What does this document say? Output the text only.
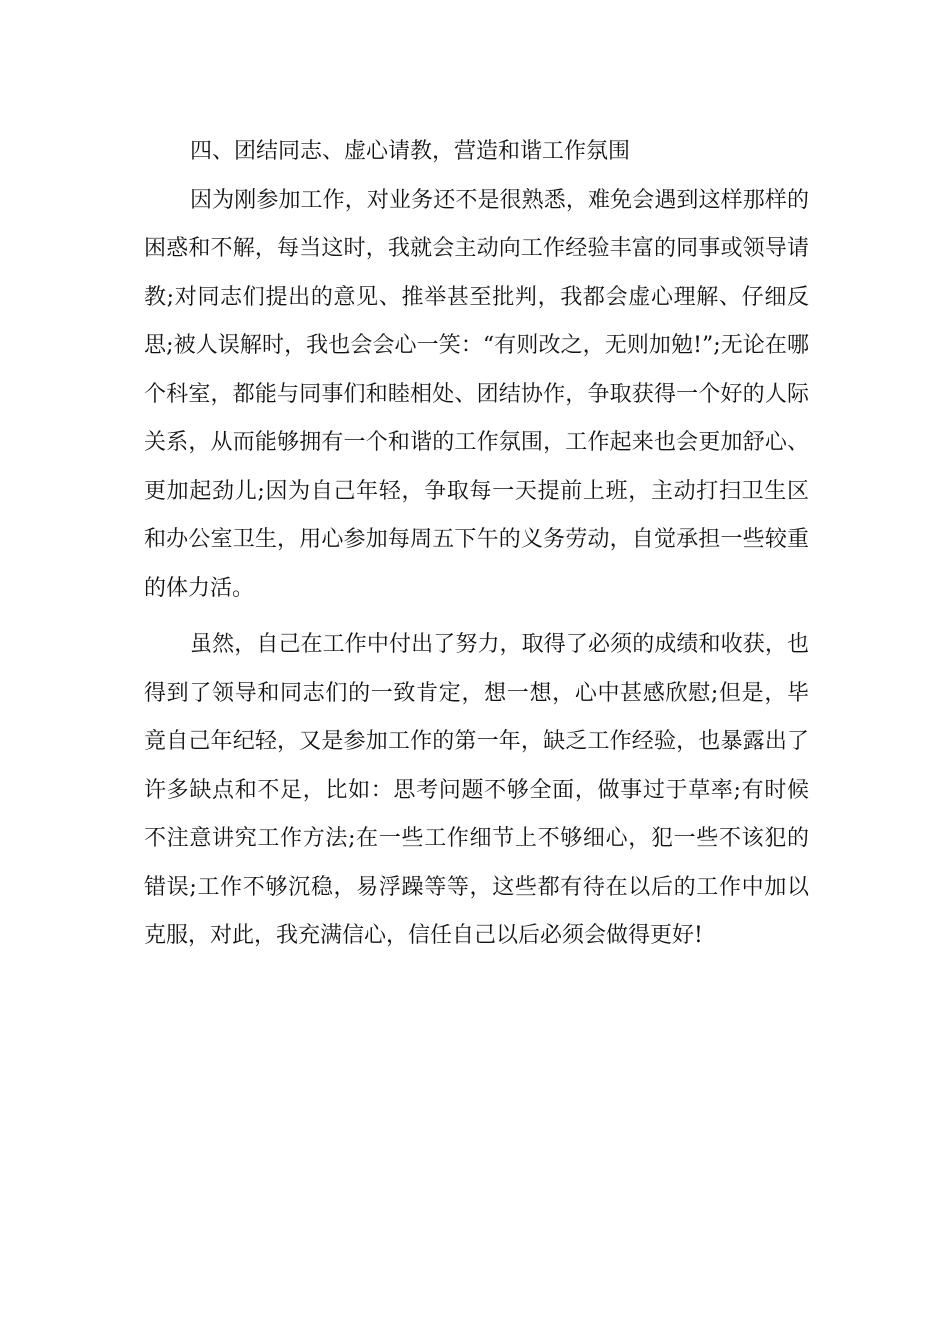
四、团结同志、虚心请教，营造和谐工作氛围

因为刚参加工作，对业务还不是很熟悉，难免会遇到这样那样的困惑和不解，每当这时，我就会主动向工作经验丰富的同事或领导请教;对同志们提出的意见、推举甚至批判，我都会虚心理解、仔细反思;被人误解时，我也会会心一笑：“有则改之，无则加勉!”;无论在哪个科室，都能与同事们和睦相处、团结协作，争取获得一个好的人际关系，从而能够拥有一个和谐的工作氛围，工作起来也会更加舒心、更加起劲儿;因为自己年轻，争取每一天提前上班，主动打扫卫生区和办公室卫生，用心参加每周五下午的义务劳动，自觉承担一些较重的体力活。

虽然，自己在工作中付出了努力，取得了必须的成绩和收获，也得到了领导和同志们的一致肯定，想一想，心中甚感欣慰;但是，毕竟自己年纪轻，又是参加工作的第一年，缺乏工作经验，也暴露出了许多缺点和不足，比如：思考问题不够全面，做事过于草率;有时候不注意讲究工作方法;在一些工作细节上不够细心，犯一些不该犯的错误;工作不够沉稳，易浮躁等等，这些都有待在以后的工作中加以克服，对此，我充满信心，信任自己以后必须会做得更好!
